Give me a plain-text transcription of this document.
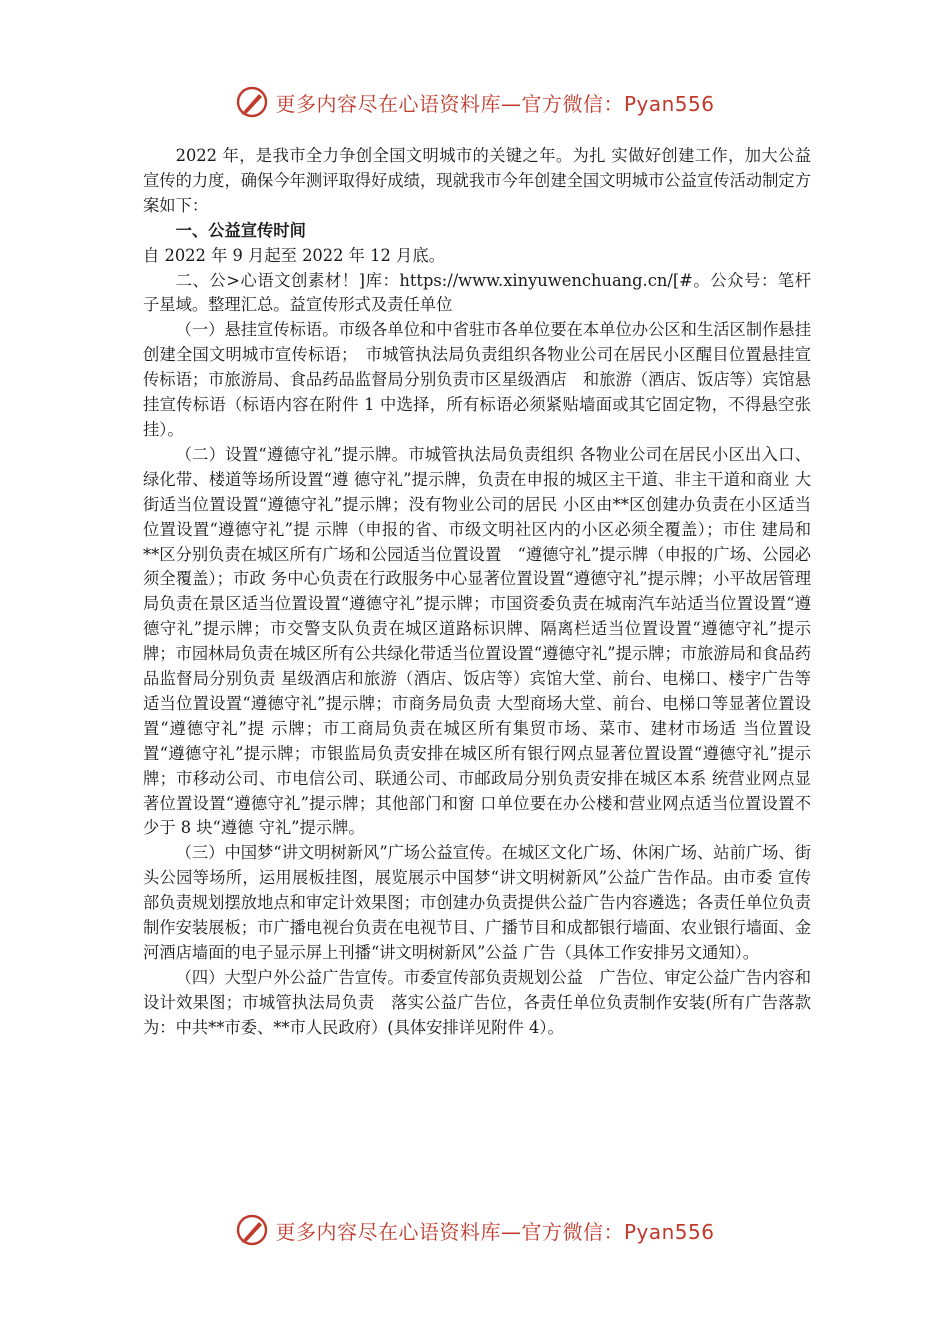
更多内容尽在心语资料库—官方微信：Pyan556

2022 年，是我市全力争创全国文明城市的关键之年。为扎 实做好创建工作，加大公益宣传的力度，确保今年测评取得好成绩，现就我市今年创建全国文明城市公益宣传活动制定方案如下：

一、公益宣传时间

自 2022 年 9 月起至 2022 年 12 月底。

二、公>心语文创素材！]库：https://www.xinyuwenchuang.cn/[#。公众号：笔杆子星域。整理汇总。益宣传形式及责任单位

（一）悬挂宣传标语。市级各单位和中省驻市各单位要在本单位办公区和生活区制作悬挂创建全国文明城市宣传标语；　市城管执法局负责组织各物业公司在居民小区醒目位置悬挂宣传标语；市旅游局、食品药品监督局分别负责市区星级酒店　和旅游（酒店、饭店等）宾馆悬挂宣传标语（标语内容在附件 1 中选择，所有标语必须紧贴墙面或其它固定物，不得悬空张挂）。

（二）设置“遵德守礼”提示牌。市城管执法局负责组织 各物业公司在居民小区出入口、绿化带、楼道等场所设置“遵 德守礼”提示牌，负责在申报的城区主干道、非主干道和商业 大街适当位置设置“遵德守礼”提示牌；没有物业公司的居民 小区由**区创建办负责在小区适当位置设置“遵德守礼”提 示牌（申报的省、市级文明社区内的小区必须全覆盖）；市住 建局和**区分别负责在城区所有广场和公园适当位置设置　“遵德守礼”提示牌（申报的广场、公园必须全覆盖）；市政 务中心负责在行政服务中心显著位置设置“遵德守礼”提示牌；小平故居管理局负责在景区适当位置设置“遵德守礼”提示牌；市国资委负责在城南汽车站适当位置设置“遵德守礼”提示牌；市交警支队负责在城区道路标识牌、隔离栏适当位置设置“遵德守礼”提示牌；市园林局负责在城区所有公共绿化带适当位置设置“遵德守礼”提示牌；市旅游局和食品药品监督局分别负责 星级酒店和旅游（酒店、饭店等）宾馆大堂、前台、电梯口、楼宇广告等适当位置设置“遵德守礼”提示牌；市商务局负责 大型商场大堂、前台、电梯口等显著位置设置“遵德守礼”提 示牌；市工商局负责在城区所有集贸市场、菜市、建材市场适 当位置设置“遵德守礼”提示牌；市银监局负责安排在城区所有银行网点显著位置设置“遵德守礼”提示牌；市移动公司、市电信公司、联通公司、市邮政局分别负责安排在城区本系 统营业网点显著位置设置“遵德守礼”提示牌；其他部门和窗 口单位要在办公楼和营业网点适当位置设置不少于 8 块“遵德 守礼”提示牌。

（三）中国梦“讲文明树新风”广场公益宣传。在城区文化广场、休闲广场、站前广场、街头公园等场所，运用展板挂图，展览展示中国梦“讲文明树新风”公益广告作品。由市委 宣传部负责规划摆放地点和审定计效果图；市创建办负责提供公益广告内容遴选；各责任单位负责制作安装展板；市广播电视台负责在电视节目、广播节目和成都银行墙面、农业银行墙面、金河酒店墙面的电子显示屏上刊播“讲文明树新风”公益 广告（具体工作安排另文通知）。

（四）大型户外公益广告宣传。市委宣传部负责规划公益　广告位、审定公益广告内容和设计效果图；市城管执法局负责　落实公益广告位，各责任单位负责制作安装(所有广告落款为：中共**市委、**市人民政府）(具体安排详见附件 4）。

更多内容尽在心语资料库—官方微信：Pyan556
